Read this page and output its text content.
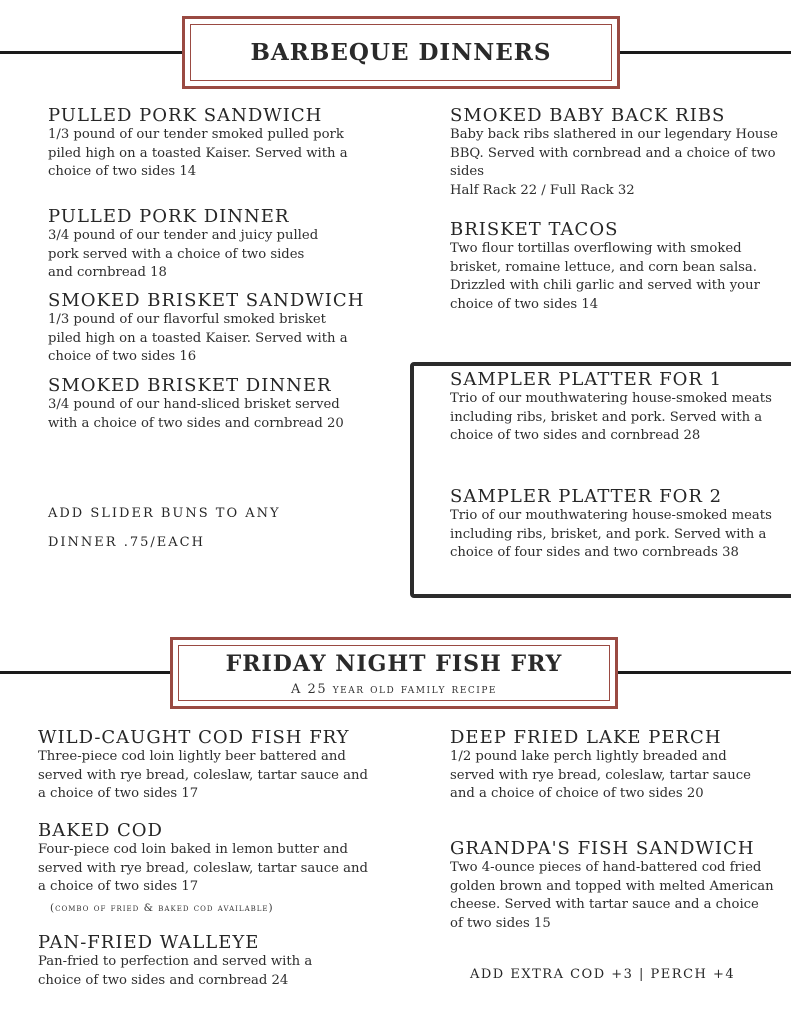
BARBEQUE DINNERS
PULLED PORK SANDWICH

1/3 pound of our tender smoked pulled pork piled high on a toasted Kaiser. Served with a choice of two sides 14

PULLED PORK DINNER

3/4 pound of our tender and juicy pulled pork served with a choice of two sides and cornbread 18

SMOKED BRISKET SANDWICH

1/3 pound of our flavorful smoked brisket piled high on a toasted Kaiser. Served with a choice of two sides 16

SMOKED BRISKET DINNER

3/4 pound of our hand-sliced brisket served with a choice of two sides and cornbread 20

ADD SLIDER BUNS TO ANY
DINNER .75/EACH
SMOKED BABY BACK RIBS

Baby back ribs slathered in our legendary House BBQ. Served with cornbread and a choice of two sides

Half Rack 22 / Full Rack 32

BRISKET TACOS

Two flour tortillas overflowing with smoked brisket, romaine lettuce, and corn bean salsa. Drizzled with chili garlic and served with your choice of two sides 14

SAMPLER PLATTER FOR 1

Trio of our mouthwatering house-smoked meats including ribs, brisket and pork. Served with a choice of two sides and cornbread 28

SAMPLER PLATTER FOR 2

Trio of our mouthwatering house-smoked meats including ribs, brisket, and pork. Served with a choice of four sides and two cornbreads 38

FRIDAY NIGHT FISH FRY
A 25 year old family recipe
WILD-CAUGHT COD FISH FRY

Three-piece cod loin lightly beer battered and served with rye bread, coleslaw, tartar sauce and a choice of two sides 17

BAKED COD

Four-piece cod loin baked in lemon butter and served with rye bread, coleslaw, tartar sauce and a choice of two sides 17

(combo of fried & baked cod available)
PAN-FRIED WALLEYE

Pan-fried to perfection and served with a choice of two sides and cornbread 24

DEEP FRIED LAKE PERCH

1/2 pound lake perch lightly breaded and served with rye bread, coleslaw, tartar sauce and a choice of choice of two sides 20

GRANDPA'S FISH SANDWICH

Two 4-ounce pieces of hand-battered cod fried golden brown and topped with melted American cheese. Served with tartar sauce and a choice of two sides 15

ADD EXTRA COD +3 | PERCH +4
